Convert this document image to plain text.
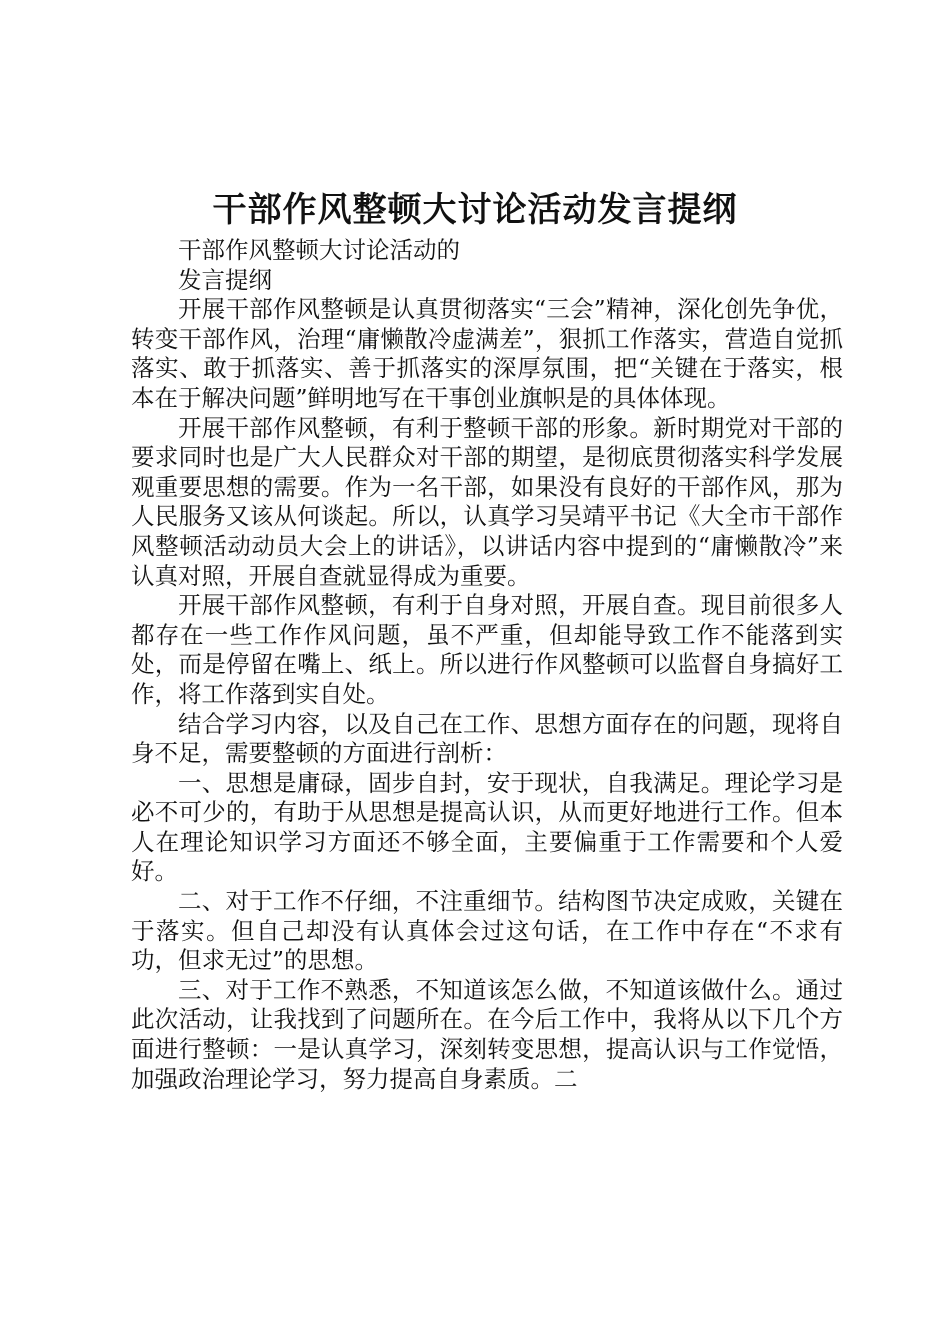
干部作风整顿大讨论活动发言提纲

干部作风整顿大讨论活动的

发言提纲

开展干部作风整顿是认真贯彻落实“三会”精神，深化创先争优，转变干部作风，治理“庸懒散冷虚满差”，狠抓工作落实，营造自觉抓落实、敢于抓落实、善于抓落实的深厚氛围，把“关键在于落实，根本在于解决问题”鲜明地写在干事创业旗帜是的具体体现。

开展干部作风整顿，有利于整顿干部的形象。新时期党对干部的要求同时也是广大人民群众对干部的期望，是彻底贯彻落实科学发展观重要思想的需要。作为一名干部，如果没有良好的干部作风，那为人民服务又该从何谈起。所以，认真学习吴靖平书记《大全市干部作风整顿活动动员大会上的讲话》，以讲话内容中提到的“庸懒散冷”来认真对照，开展自查就显得成为重要。

开展干部作风整顿，有利于自身对照，开展自查。现目前很多人都存在一些工作作风问题，虽不严重，但却能导致工作不能落到实处，而是停留在嘴上、纸上。所以进行作风整顿可以监督自身搞好工作，将工作落到实自处。

结合学习内容，以及自己在工作、思想方面存在的问题，现将自身不足，需要整顿的方面进行剖析：

一、思想是庸碌，固步自封，安于现状，自我满足。理论学习是必不可少的，有助于从思想是提高认识，从而更好地进行工作。但本人在理论知识学习方面还不够全面，主要偏重于工作需要和个人爱好。

二、对于工作不仔细，不注重细节。结构图节决定成败，关键在于落实。但自己却没有认真体会过这句话，在工作中存在“不求有功，但求无过”的思想。

三、对于工作不熟悉，不知道该怎么做，不知道该做什么。通过此次活动，让我找到了问题所在。在今后工作中，我将从以下几个方面进行整顿：一是认真学习，深刻转变思想，提高认识与工作觉悟，加强政治理论学习，努力提高自身素质。二
